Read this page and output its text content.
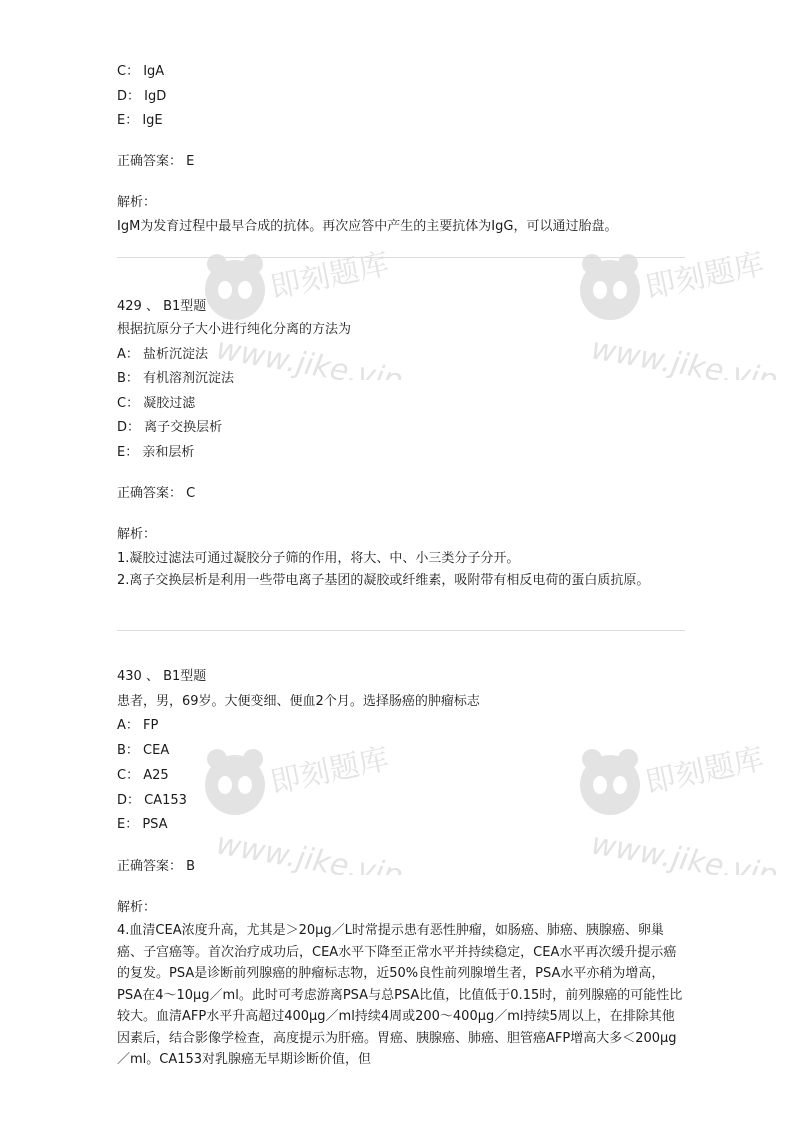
即刻题库
www.jike.vip
即刻题库
www.jike.vip
即刻题库
www.jike.vip
即刻题库
www.jike.vip
C： IgA
D： IgD
E： IgE
正确答案： E
解析：
IgM为发育过程中最早合成的抗体。再次应答中产生的主要抗体为IgG，可以通过胎盘。
429 、 B1型题
根据抗原分子大小进行纯化分离的方法为
A： 盐析沉淀法
B： 有机溶剂沉淀法
C： 凝胶过滤
D： 离子交换层析
E： 亲和层析
正确答案： C
解析：
1.凝胶过滤法可通过凝胶分子筛的作用，将大、中、小三类分子分开。
2.离子交换层析是利用一些带电离子基团的凝胶或纤维素，吸附带有相反电荷的蛋白质抗原。
430 、 B1型题
患者，男，69岁。大便变细、便血2个月。选择肠癌的肿瘤标志
A： FP
B： CEA
C： A25
D： CA153
E： PSA
正确答案： B
解析：
4.血清CEA浓度升高，尤其是＞20μg／L时常提示患有恶性肿瘤，如肠癌、肺癌、胰腺癌、卵巢癌、子宫癌等。首次治疗成功后，CEA水平下降至正常水平并持续稳定，CEA水平再次缓升提示癌的复发。PSA是诊断前列腺癌的肿瘤标志物，近50%良性前列腺增生者，PSA水平亦稍为增高，PSA在4～10μg／ml。此时可考虑游离PSA与总PSA比值，比值低于0.15时，前列腺癌的可能性比较大。血清AFP水平升高超过400μg／ml持续4周或200～400μg／ml持续5周以上，在排除其他因素后，结合影像学检查，高度提示为肝癌。胃癌、胰腺癌、肺癌、胆管癌AFP增高大多＜200μg／ml。CA153对乳腺癌无早期诊断价值，但
